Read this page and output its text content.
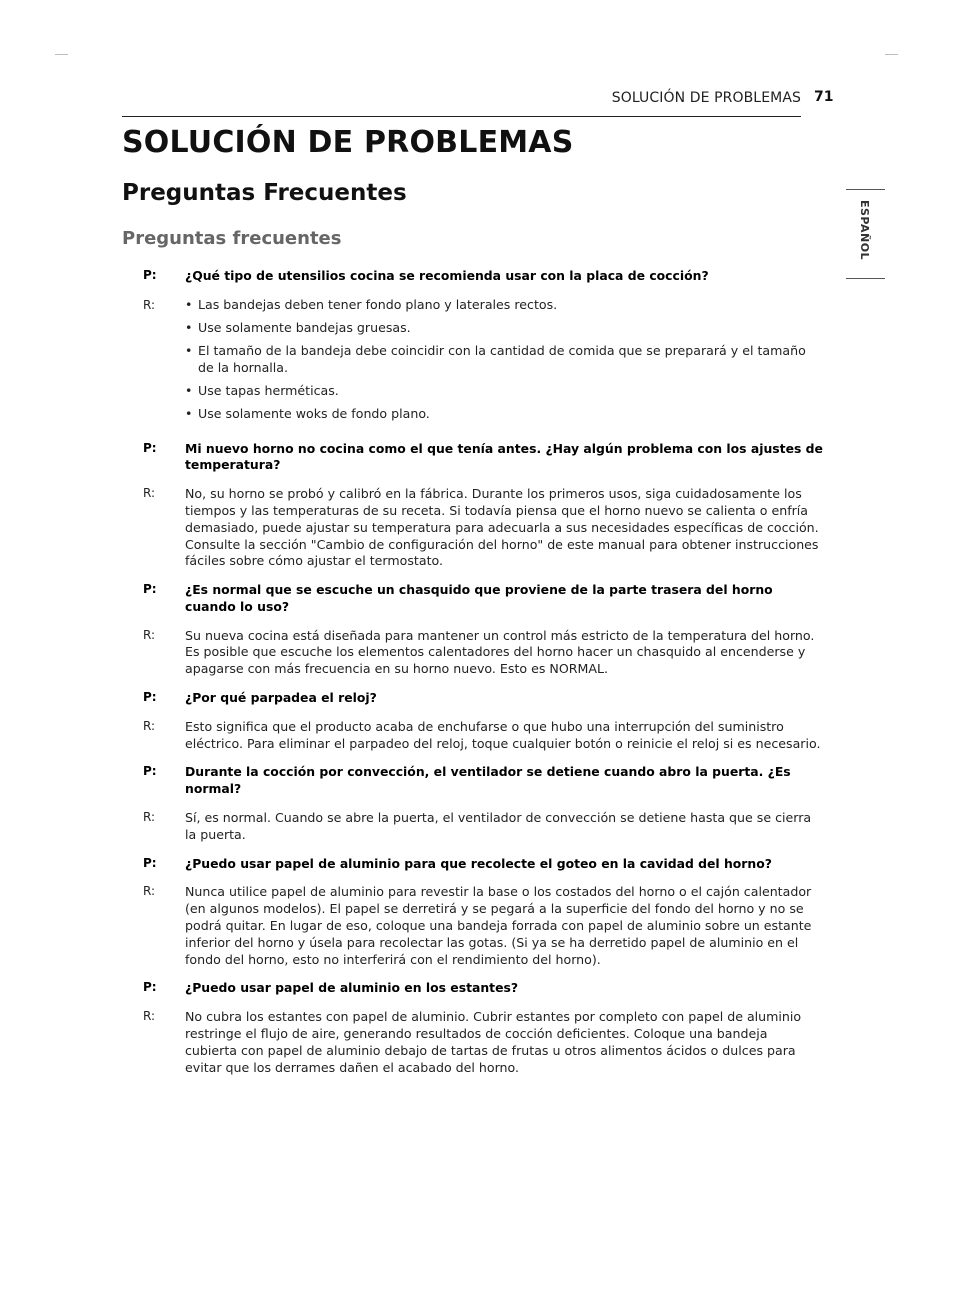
SOLUCIÓN DE PROBLEMAS 71
SOLUCIÓN DE PROBLEMAS
Preguntas Frecuentes
Preguntas frecuentes	ESPAÑOL
P:	¿Qué tipo de utensilios cocina se recomienda usar con la placa de cocción?
R:
•	Las bandejas deben tener fondo plano y laterales rectos.
• Use solamente bandejas gruesas.
• El tamaño de la bandeja debe coincidir con la cantidad de comida que se preparará y el tamaño de la hornalla.
• Use tapas herméticas.
• Use solamente woks de fondo plano.
P:	Mi nuevo horno no cocina como el que tenía antes. ¿Hay algún problema con los ajustes de temperatura?
R:	No, su horno se probó y calibró en la fábrica. Durante los primeros usos, siga cuidadosamente los tiempos y las temperaturas de su receta. Si todavía piensa que el horno nuevo se calienta o enfría demasiado, puede ajustar su temperatura para adecuarla a sus necesidades específicas de cocción. Consulte la sección "Cambio de configuración del horno" de este manual para obtener instrucciones fáciles sobre cómo ajustar el termostato.
P:	¿Es normal que se escuche un chasquido que proviene de la parte trasera del horno cuando lo uso?
R:	Su nueva cocina está diseñada para mantener un control más estricto de la temperatura del horno. Es posible que escuche los elementos calentadores del horno hacer un chasquido al encenderse y apagarse con más frecuencia en su horno nuevo. Esto es NORMAL.
P:	¿Por qué parpadea el reloj?
R:	Esto significa que el producto acaba de enchufarse o que hubo una interrupción del suministro eléctrico. Para eliminar el parpadeo del reloj, toque cualquier botón o reinicie el reloj si es necesario.
P:	Durante la cocción por convección, el ventilador se detiene cuando abro la puerta. ¿Es normal?
R:	Sí, es normal. Cuando se abre la puerta, el ventilador de convección se detiene hasta que se cierra la puerta.
P:	¿Puedo usar papel de aluminio para que recolecte el goteo en la cavidad del horno?
R:	Nunca utilice papel de aluminio para revestir la base o los costados del horno o el cajón calentador (en algunos modelos). El papel se derretirá y se pegará a la superficie del fondo del horno y no se podrá quitar. En lugar de eso, coloque una bandeja forrada con papel de aluminio sobre un estante inferior del horno y úsela para recolectar las gotas. (Si ya se ha derretido papel de aluminio en el fondo del horno, esto no interferirá con el rendimiento del horno).
P:	¿Puedo usar papel de aluminio en los estantes?
R:	No cubra los estantes con papel de aluminio. Cubrir estantes por completo con papel de aluminio restringe el flujo de aire, generando resultados de cocción deficientes. Coloque una bandeja cubierta con papel de aluminio debajo de tartas de frutas u otros alimentos ácidos o dulces para evitar que los derrames dañen el acabado del horno.
